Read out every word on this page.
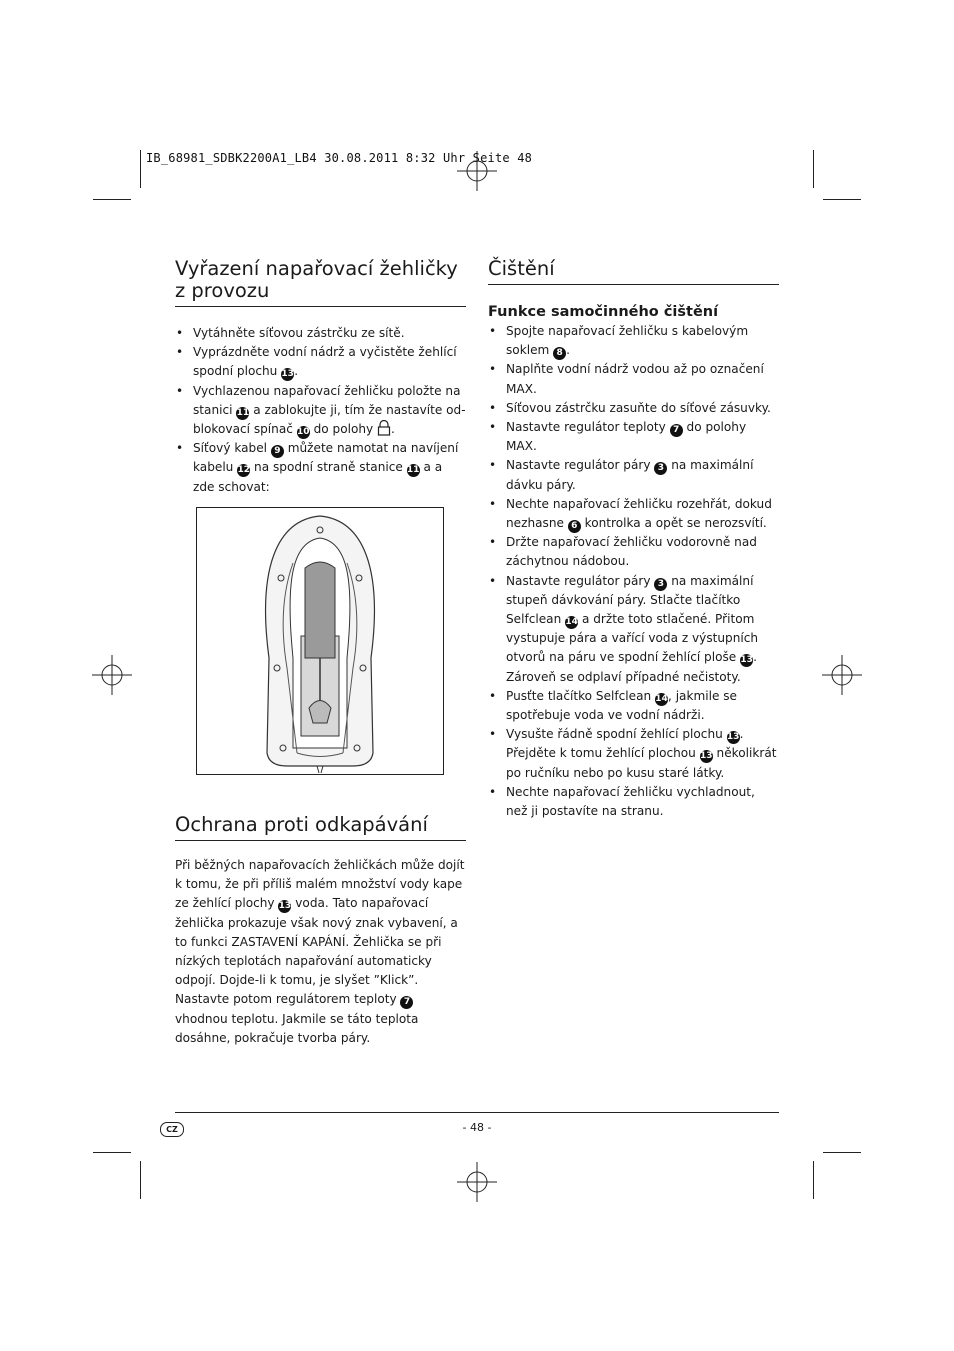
IB_68981_SDBK2200A1_LB4 30.08.2011 8:32 Uhr Seite 48
Vyřazení napařovací žehličky z provozu
• Vytáhněte síťovou zástrčku ze sítě.
• Vyprázdněte vodní nádrž a vyčistěte žehlící spodní plochu 13.
• Vychlazenou napařovací žehličku položte na stanici 11 a zablokujte ji, tím že nastavíte odblokovací spínač 10 do polohy .
• Síťový kabel 9 můžete namotat na navíjení kabelu 12 na spodní straně stanice 11 a a zde schovat:
Ochrana proti odkapávání
Při běžných napařovacích žehličkách může dojít k tomu, že při příliš malém množství vody kape ze žehlící plochy 13 voda. Tato napařovací žehlička prokazuje však nový znak vybavení, a to funkci ZASTAVENÍ KAPÁNÍ. Žehlička se při nízkých teplotách napařování automaticky odpojí. Dojde-li k tomu, je slyšet ”Klick”. Nastavte potom regulátorem teploty 7 vhodnou teplotu. Jakmile se táto teplota dosáhne, pokračuje tvorba páry.
Čištění
Funkce samočinného čištění
• Spojte napařovací žehličku s kabelovým soklem 8 .
• Naplňte vodní nádrž vodou až po označení MAX.
• Síťovou zástrčku zasuňte do síťové zásuvky.
• Nastavte regulátor teploty 7 do polohy MAX.
• Nastavte regulátor páry 3 na maximální dávku páry.
• Nechte napařovací žehličku rozehřát, dokud nezhasne 6 kontrolka a opět se nerozsvítí.
• Držte napařovací žehličku vodorovně nad záchytnou nádobou.
• Nastavte regulátor páry 3 na maximální stupeň dávkování páry. Stlačte tlačítko Selfclean 14 a držte toto stlačené. Přitom vystupuje pára a vařící voda z výstupních otvorů na páru ve spodní žehlící ploše 13. Zároveň se odplaví případné nečistoty.
• Pusťte tlačítko Selfclean 14, jakmile se spotřebuje voda ve vodní nádrži.
• Vysušte řádně spodní žehlící plochu 13. Přejděte k tomu žehlící plochou 13 několikrát po ručníku nebo po kusu staré látky.
• Nechte napařovací žehličku vychladnout, než ji postavíte na stranu.
CZ	- 48 -
